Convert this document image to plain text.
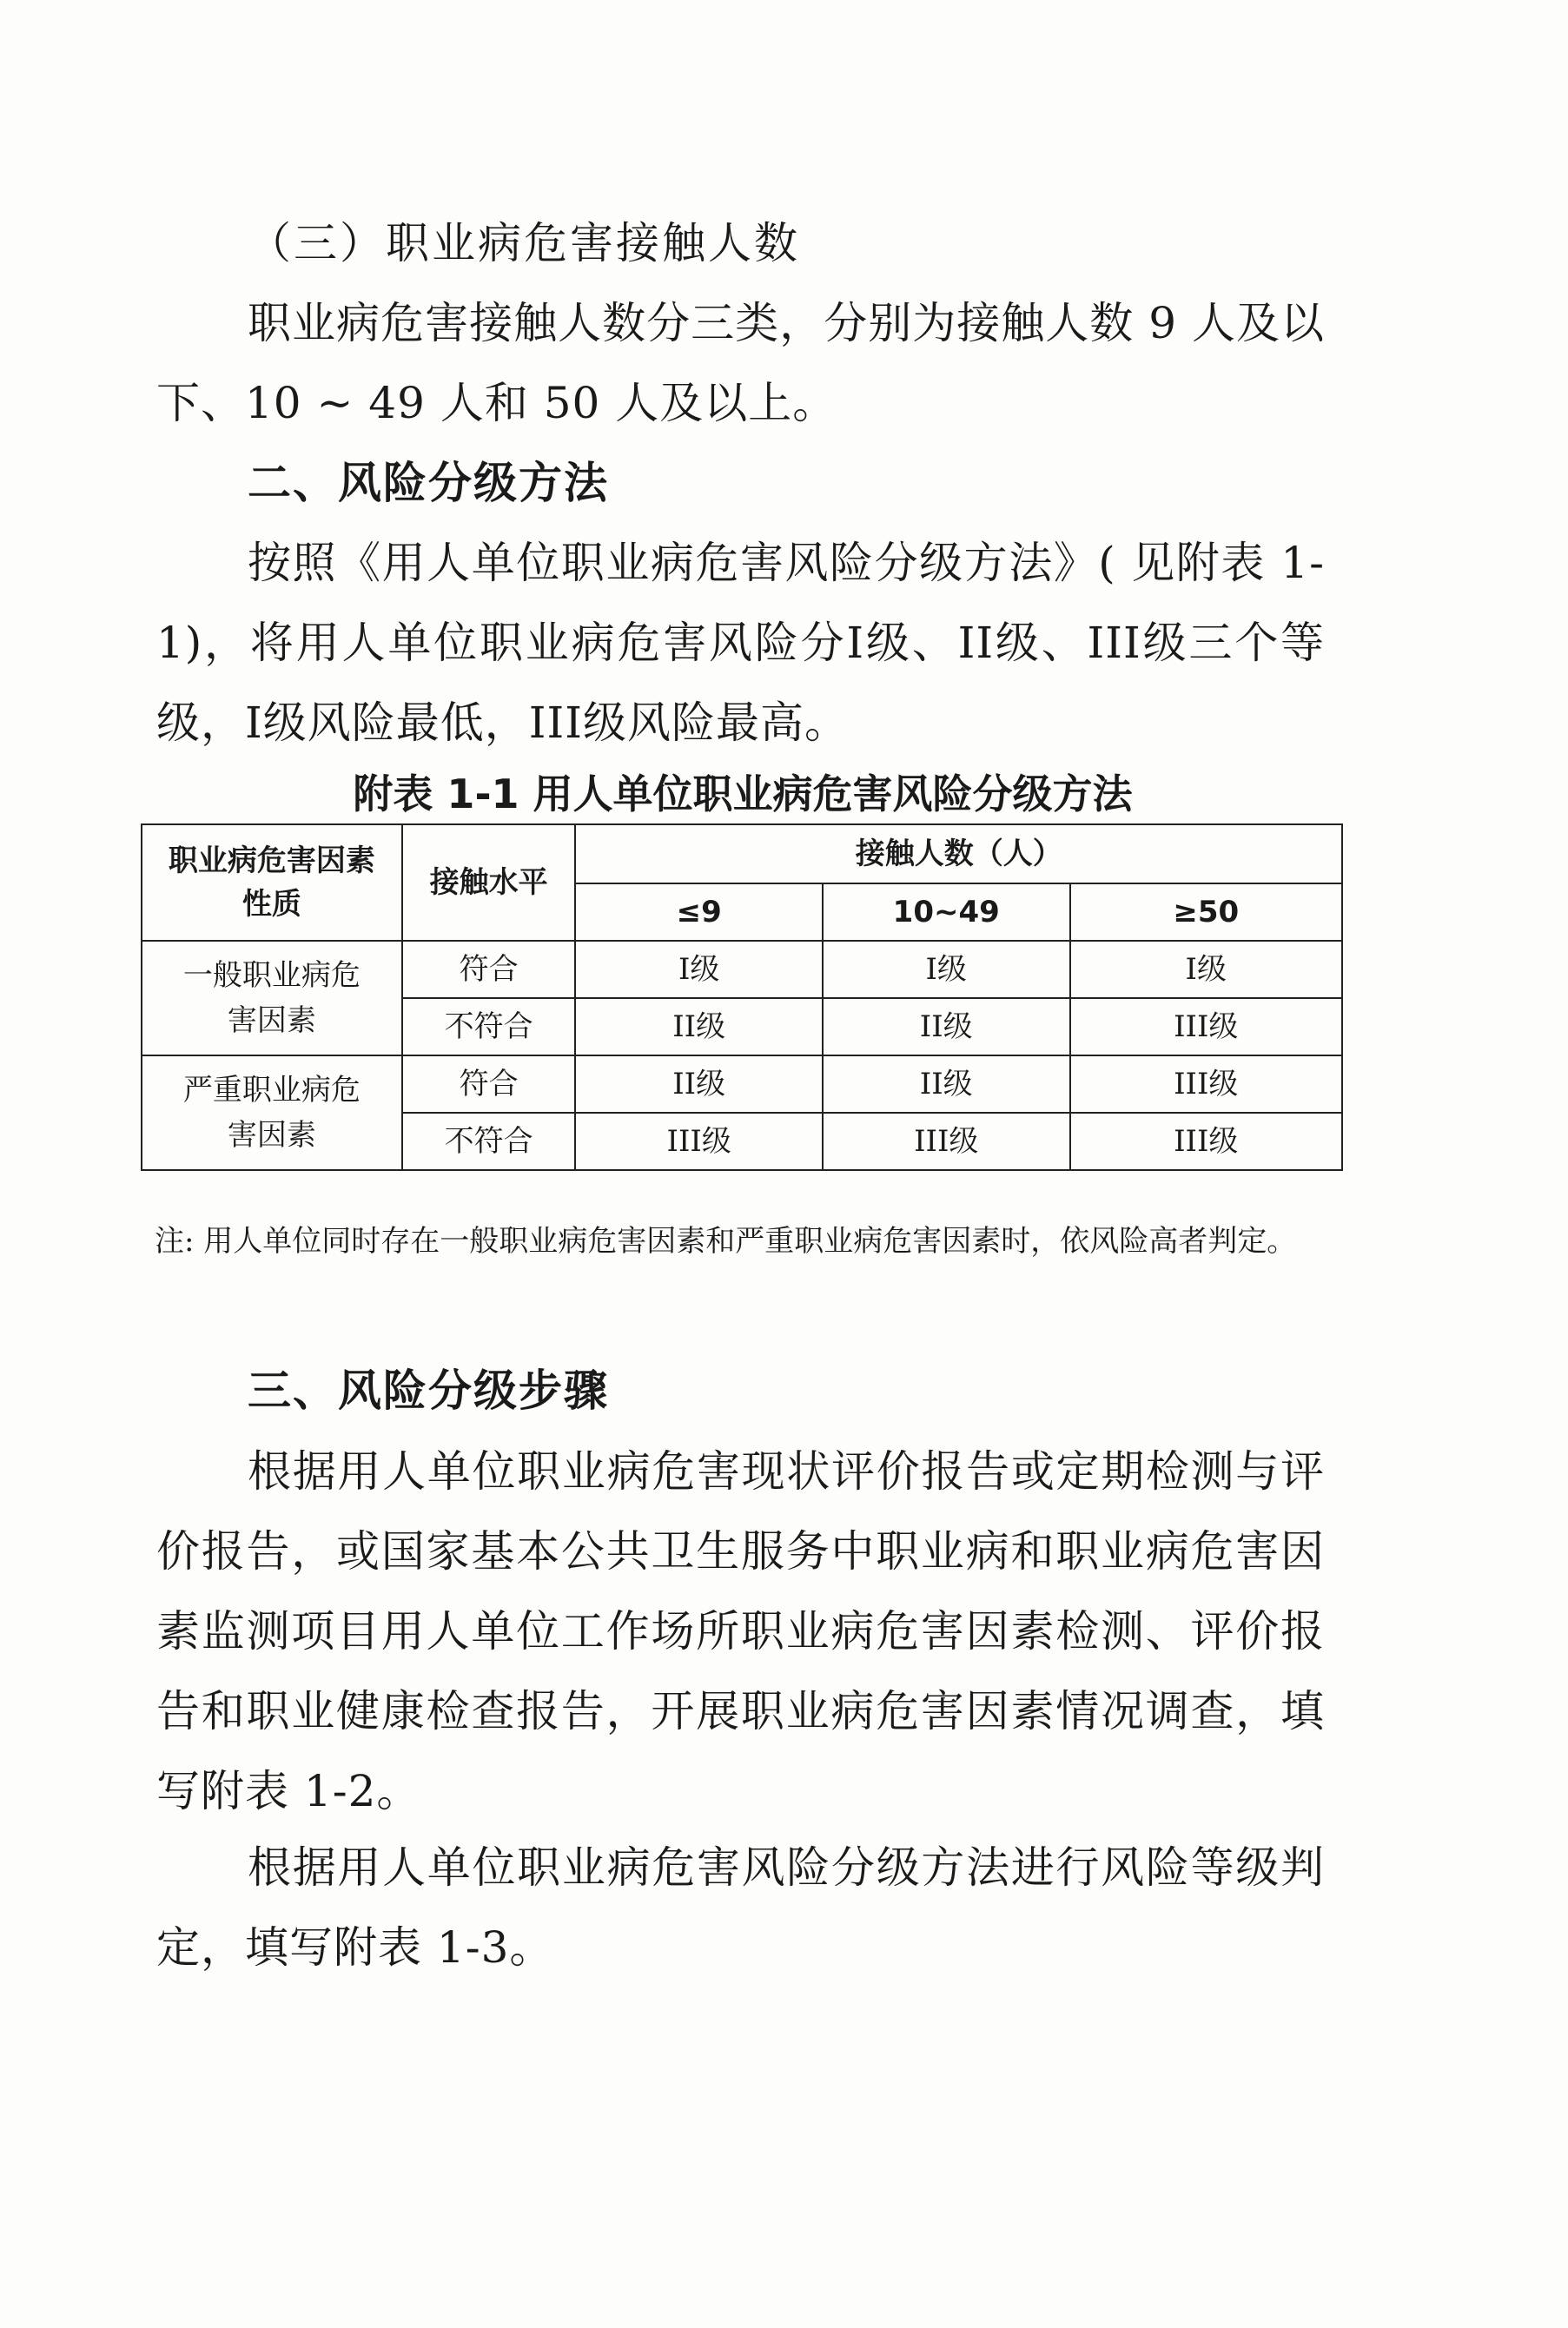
（三）职业病危害接触人数

职业病危害接触人数分三类，分别为接触人数 9 人及以下、10 ~ 49 人和 50 人及以上。

二、风险分级方法

按照《用人单位职业病危害风险分级方法》( 见附表 1-1)，将用人单位职业病危害风险分I级、II级、III级三个等级，I级风险最低，III级风险最高。

附表 1-1 用人单位职业病危害风险分级方法

职业病危害因素性质	接触水平	接触人数（人）		
		≤9	10~49	≥50
一般职业病危害因素	符合	I级	I级	I级
	不符合	II级	II级	III级
严重职业病危害因素	符合	II级	II级	III级
	不符合	III级	III级	III级

注: 用人单位同时存在一般职业病危害因素和严重职业病危害因素时，依风险高者判定。

三、风险分级步骤

根据用人单位职业病危害现状评价报告或定期检测与评价报告，或国家基本公共卫生服务中职业病和职业病危害因素监测项目用人单位工作场所职业病危害因素检测、评价报告和职业健康检查报告，开展职业病危害因素情况调查，填写附表 1-2。

根据用人单位职业病危害风险分级方法进行风险等级判定，填写附表 1-3。
